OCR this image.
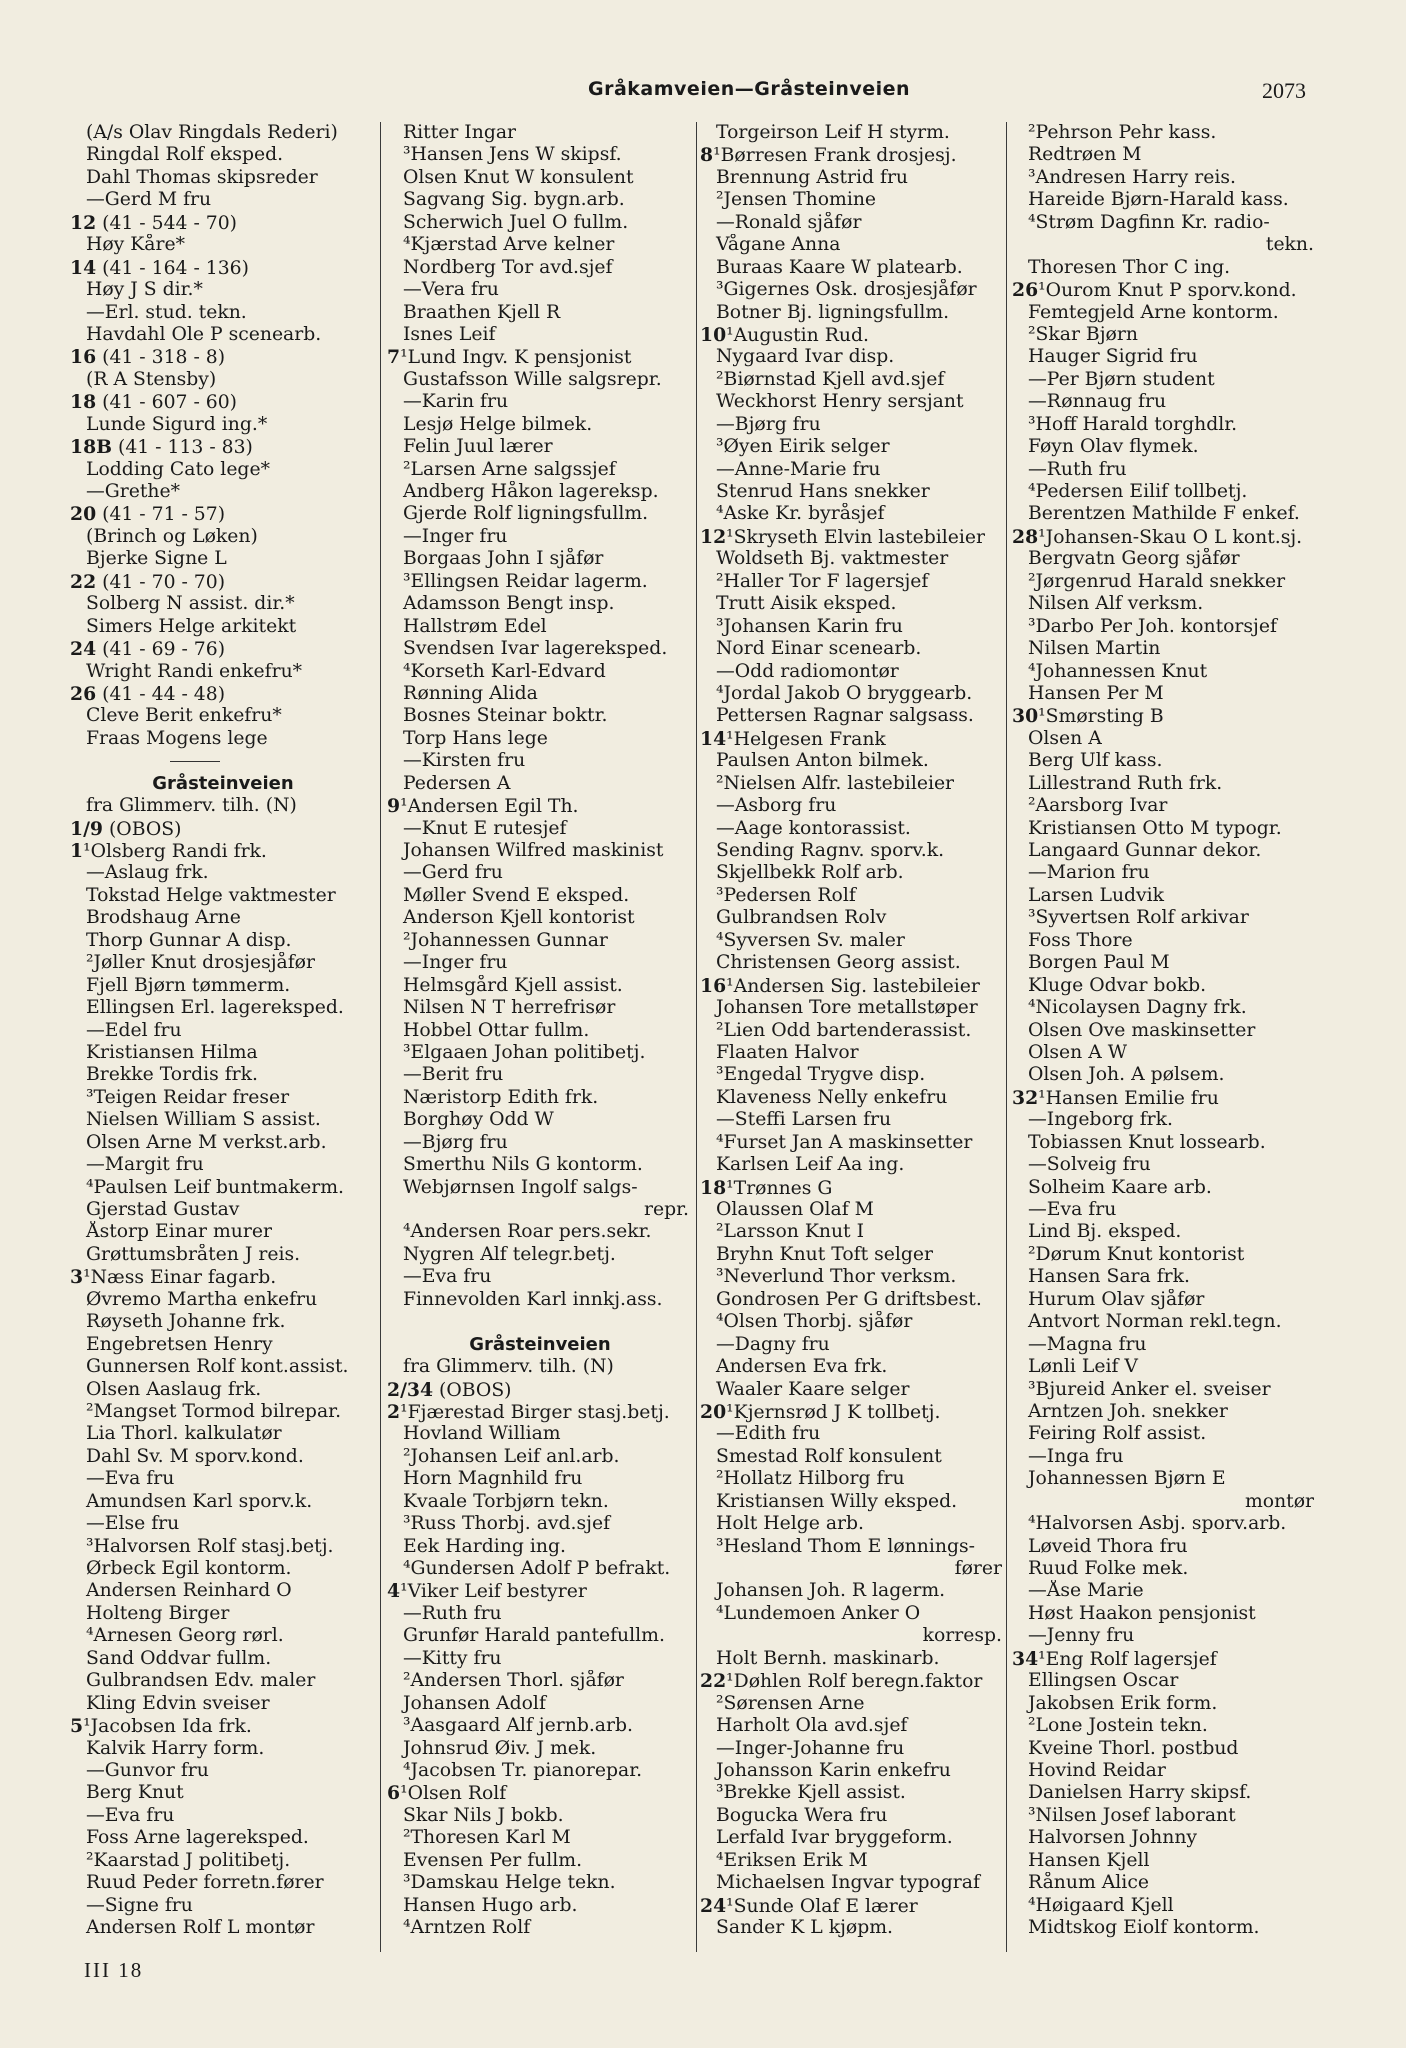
Gråkamveien—Gråsteinveien	2073
(A/s Olav Ringdals Rederi)
Ringdal Rolf eksped.
Dahl Thomas skipsreder
—Gerd M fru
12 (41 - 544 - 70)
Høy Kåre*
14 (41 - 164 - 136)
Høy J S dir.*
—Erl. stud. tekn.
Havdahl Ole P scenearb.
16 (41 - 318 - 8)
(R A Stensby)
18 (41 - 607 - 60)
Lunde Sigurd ing.*
18B (41 - 113 - 83)
Lodding Cato lege*
—Grethe*
20 (41 - 71 - 57)
(Brinch og Løken)
Bjerke Signe L
22 (41 - 70 - 70)
Solberg N assist. dir.*
Simers Helge arkitekt
24 (41 - 69 - 76)
Wright Randi enkefru*
26 (41 - 44 - 48)
Cleve Berit enkefru*
Fraas Mogens lege
Gråsteinveien
fra Glimmerv. tilh. (N)
1/9 (OBOS)
1¹Olsberg Randi frk.
—Aslaug frk.
Tokstad Helge vaktmester
Brodshaug Arne
Thorp Gunnar A disp.
²Jøller Knut drosjesjåfør
Fjell Bjørn tømmerm.
Ellingsen Erl. lagereksped.
—Edel fru
Kristiansen Hilma
Brekke Tordis frk.
³Teigen Reidar freser
Nielsen William S assist.
Olsen Arne M verkst.arb.
—Margit fru
⁴Paulsen Leif buntmakerm.
Gjerstad Gustav
Åstorp Einar murer
Grøttumsbråten J reis.
3¹Næss Einar fagarb.
Øvremo Martha enkefru
Røyseth Johanne frk.
Engebretsen Henry
Gunnersen Rolf kont.assist.
Olsen Aaslaug frk.
²Mangset Tormod bilrepar.
Lia Thorl. kalkulatør
Dahl Sv. M sporv.kond.
—Eva fru
Amundsen Karl sporv.k.
—Else fru
³Halvorsen Rolf stasj.betj.
Ørbeck Egil kontorm.
Andersen Reinhard O
Holteng Birger
⁴Arnesen Georg rørl.
Sand Oddvar fullm.
Gulbrandsen Edv. maler
Kling Edvin sveiser
5¹Jacobsen Ida frk.
Kalvik Harry form.
—Gunvor fru
Berg Knut
—Eva fru
Foss Arne lagereksped.
²Kaarstad J politibetj.
Ruud Peder forretn.fører
—Signe fru
Andersen Rolf L montør
Ritter Ingar
³Hansen Jens W skipsf.
Olsen Knut W konsulent
Sagvang Sig. bygn.arb.
Scherwich Juel O fullm.
⁴Kjærstad Arve kelner
Nordberg Tor avd.sjef
—Vera fru
Braathen Kjell R
Isnes Leif
7¹Lund Ingv. K pensjonist
Gustafsson Wille salgsrepr.
—Karin fru
Lesjø Helge bilmek.
Felin Juul lærer
²Larsen Arne salgssjef
Andberg Håkon lagereksp.
Gjerde Rolf ligningsfullm.
—Inger fru
Borgaas John I sjåfør
³Ellingsen Reidar lagerm.
Adamsson Bengt insp.
Hallstrøm Edel
Svendsen Ivar lagereksped.
⁴Korseth Karl-Edvard
Rønning Alida
Bosnes Steinar boktr.
Torp Hans lege
—Kirsten fru
Pedersen A
9¹Andersen Egil Th.
—Knut E rutesjef
Johansen Wilfred maskinist
—Gerd fru
Møller Svend E eksped.
Anderson Kjell kontorist
²Johannessen Gunnar
—Inger fru
Helmsgård Kjell assist.
Nilsen N T herrefrisør
Hobbel Ottar fullm.
³Elgaaen Johan politibetj.
—Berit fru
Næristorp Edith frk.
Borghøy Odd W
—Bjørg fru
Smerthu Nils G kontorm.
Webjørnsen Ingolf salgs-
repr.
⁴Andersen Roar pers.sekr.
Nygren Alf telegr.betj.
—Eva fru
Finnevolden Karl innkj.ass.
Gråsteinveien
fra Glimmerv. tilh. (N)
2/34 (OBOS)
2¹Fjærestad Birger stasj.betj.
Hovland William
²Johansen Leif anl.arb.
Horn Magnhild fru
Kvaale Torbjørn tekn.
³Russ Thorbj. avd.sjef
Eek Harding ing.
⁴Gundersen Adolf P befrakt.
4¹Viker Leif bestyrer
—Ruth fru
Grunfør Harald pantefullm.
—Kitty fru
²Andersen Thorl. sjåfør
Johansen Adolf
³Aasgaard Alf jernb.arb.
Johnsrud Øiv. J mek.
⁴Jacobsen Tr. pianorepar.
6¹Olsen Rolf
Skar Nils J bokb.
²Thoresen Karl M
Evensen Per fullm.
³Damskau Helge tekn.
Hansen Hugo arb.
⁴Arntzen Rolf
Torgeirson Leif H styrm.
8¹Børresen Frank drosjesj.
Brennung Astrid fru
²Jensen Thomine
—Ronald sjåfør
Vågane Anna
Buraas Kaare W platearb.
³Gigernes Osk. drosjesjåfør
Botner Bj. ligningsfullm.
10¹Augustin Rud.
Nygaard Ivar disp.
²Biørnstad Kjell avd.sjef
Weckhorst Henry sersjant
—Bjørg fru
³Øyen Eirik selger
—Anne-Marie fru
Stenrud Hans snekker
⁴Aske Kr. byråsjef
12¹Skryseth Elvin lastebileier
Woldseth Bj. vaktmester
²Haller Tor F lagersjef
Trutt Aisik eksped.
³Johansen Karin fru
Nord Einar scenearb.
—Odd radiomontør
⁴Jordal Jakob O bryggearb.
Pettersen Ragnar salgsass.
14¹Helgesen Frank
Paulsen Anton bilmek.
²Nielsen Alfr. lastebileier
—Asborg fru
—Aage kontorassist.
Sending Ragnv. sporv.k.
Skjellbekk Rolf arb.
³Pedersen Rolf
Gulbrandsen Rolv
⁴Syversen Sv. maler
Christensen Georg assist.
16¹Andersen Sig. lastebileier
Johansen Tore metallstøper
²Lien Odd bartenderassist.
Flaaten Halvor
³Engedal Trygve disp.
Klaveness Nelly enkefru
—Steffi Larsen fru
⁴Furset Jan A maskinsetter
Karlsen Leif Aa ing.
18¹Trønnes G
Olaussen Olaf M
²Larsson Knut I
Bryhn Knut Toft selger
³Neverlund Thor verksm.
Gondrosen Per G driftsbest.
⁴Olsen Thorbj. sjåfør
—Dagny fru
Andersen Eva frk.
Waaler Kaare selger
20¹Kjernsrød J K tollbetj.
—Edith fru
Smestad Rolf konsulent
²Hollatz Hilborg fru
Kristiansen Willy eksped.
Holt Helge arb.
³Hesland Thom E lønnings-
fører
Johansen Joh. R lagerm.
⁴Lundemoen Anker O
korresp.
Holt Bernh. maskinarb.
22¹Døhlen Rolf beregn.faktor
²Sørensen Arne
Harholt Ola avd.sjef
—Inger-Johanne fru
Johansson Karin enkefru
³Brekke Kjell assist.
Bogucka Wera fru
Lerfald Ivar bryggeform.
⁴Eriksen Erik M
Michaelsen Ingvar typograf
24¹Sunde Olaf E lærer
Sander K L kjøpm.
²Pehrson Pehr kass.
Redtrøen M
³Andresen Harry reis.
Hareide Bjørn-Harald kass.
⁴Strøm Dagfinn Kr. radio-
tekn.
Thoresen Thor C ing.
26¹Ourom Knut P sporv.kond.
Femtegjeld Arne kontorm.
²Skar Bjørn
Hauger Sigrid fru
—Per Bjørn student
—Rønnaug fru
³Hoff Harald torghdlr.
Føyn Olav flymek.
—Ruth fru
⁴Pedersen Eilif tollbetj.
Berentzen Mathilde F enkef.
28¹Johansen-Skau O L kont.sj.
Bergvatn Georg sjåfør
²Jørgenrud Harald snekker
Nilsen Alf verksm.
³Darbo Per Joh. kontorsjef
Nilsen Martin
⁴Johannessen Knut
Hansen Per M
30¹Smørsting B
Olsen A
Berg Ulf kass.
Lillestrand Ruth frk.
²Aarsborg Ivar
Kristiansen Otto M typogr.
Langaard Gunnar dekor.
—Marion fru
Larsen Ludvik
³Syvertsen Rolf arkivar
Foss Thore
Borgen Paul M
Kluge Odvar bokb.
⁴Nicolaysen Dagny frk.
Olsen Ove maskinsetter
Olsen A W
Olsen Joh. A pølsem.
32¹Hansen Emilie fru
—Ingeborg frk.
Tobiassen Knut lossearb.
—Solveig fru
Solheim Kaare arb.
—Eva fru
Lind Bj. eksped.
²Dørum Knut kontorist
Hansen Sara frk.
Hurum Olav sjåfør
Antvort Norman rekl.tegn.
—Magna fru
Lønli Leif V
³Bjureid Anker el. sveiser
Arntzen Joh. snekker
Feiring Rolf assist.
—Inga fru
Johannessen Bjørn E
montør
⁴Halvorsen Asbj. sporv.arb.
Løveid Thora fru
Ruud Folke mek.
—Åse Marie
Høst Haakon pensjonist
—Jenny fru
34¹Eng Rolf lagersjef
Ellingsen Oscar
Jakobsen Erik form.
²Lone Jostein tekn.
Kveine Thorl. postbud
Hovind Reidar
Danielsen Harry skipsf.
³Nilsen Josef laborant
Halvorsen Johnny
Hansen Kjell
Rånum Alice
⁴Høigaard Kjell
Midtskog Eiolf kontorm.
III 18
